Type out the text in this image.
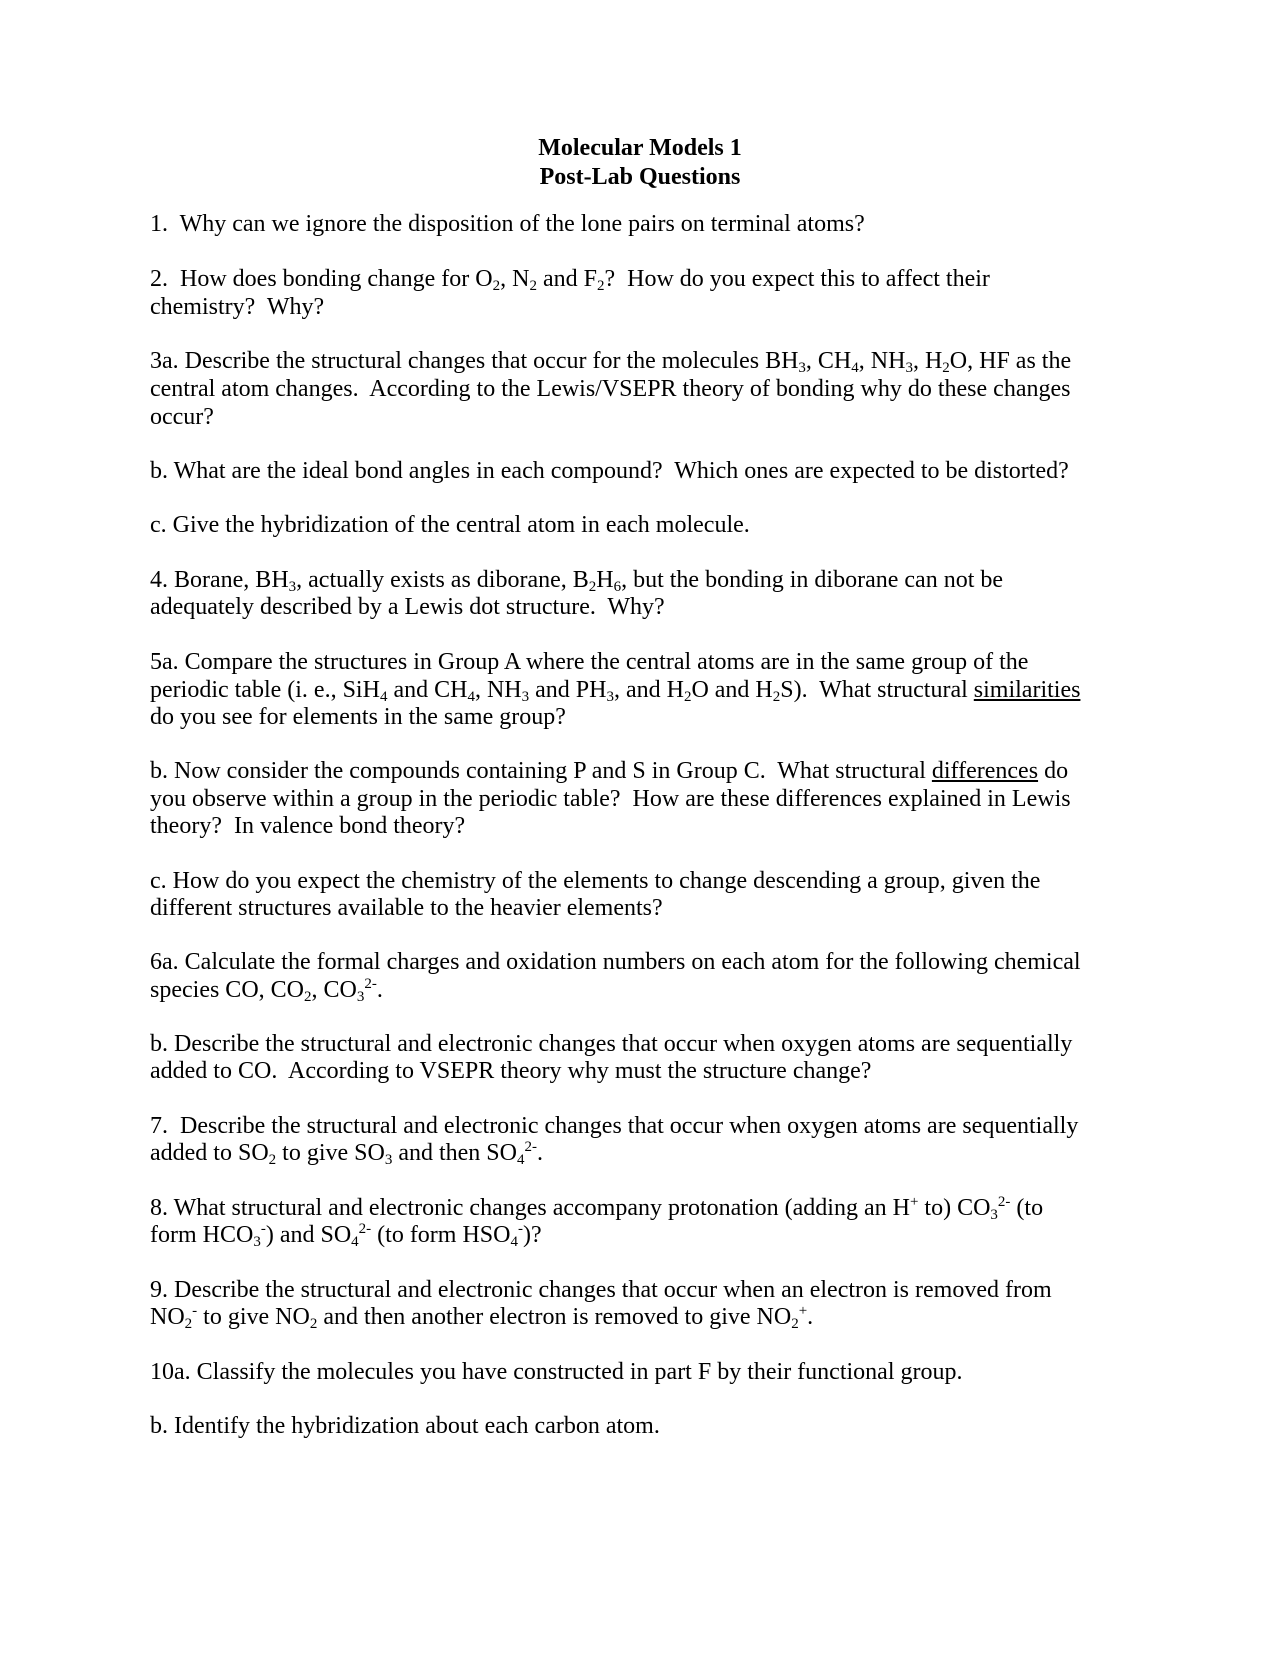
Molecular Models 1
Post-Lab Questions

1.  Why can we ignore the disposition of the lone pairs on terminal atoms?

2.  How does bonding change for $O_2$, $N_2$ and $F_2$?  How do you expect this to affect their

chemistry?  Why?

3a. Describe the structural changes that occur for the molecules $BH_3$, $CH_4$, $NH_3$, $H_2O$, HF as the

central atom changes.  According to the Lewis/VSEPR theory of bonding why do these changes

occur?

b. What are the ideal bond angles in each compound?  Which ones are expected to be distorted?

c. Give the hybridization of the central atom in each molecule.

4. Borane, $BH_3$, actually exists as diborane, $B_2H_6$, but the bonding in diborane can not be

adequately described by a Lewis dot structure.  Why?

5a. Compare the structures in Group A where the central atoms are in the same group of the

periodic table (i. e., SiH$_4$ and $CH_4$, $NH_3$ and $PH_3$, and $H_2O$ and $H_2S$).  What structural similarities

do you see for elements in the same group?

b. Now consider the compounds containing P and S in Group C.  What structural differences do

you observe within a group in the periodic table?  How are these differences explained in Lewis

theory?  In valence bond theory?

c. How do you expect the chemistry of the elements to change descending a group, given the

different structures available to the heavier elements?

6a. Calculate the formal charges and oxidation numbers on each atom for the following chemical

species CO, $CO_2$, $CO_3^{2-}$.

b. Describe the structural and electronic changes that occur when oxygen atoms are sequentially

added to CO.  According to VSEPR theory why must the structure change?

7.  Describe the structural and electronic changes that occur when oxygen atoms are sequentially

added to $SO_2$ to give $SO_3$ and then $SO_4^{2-}$.

8. What structural and electronic changes accompany protonation (adding an H+ to) $CO_3^{2-}$ (to

form $HCO_3^-$) and $SO_4^{2-}$ (to form $HSO_4^-$)?

9. Describe the structural and electronic changes that occur when an electron is removed from

$NO_2^-$ to give $NO_2$ and then another electron is removed to give $NO_2^+$.

10a. Classify the molecules you have constructed in part F by their functional group.

b. Identify the hybridization about each carbon atom.
